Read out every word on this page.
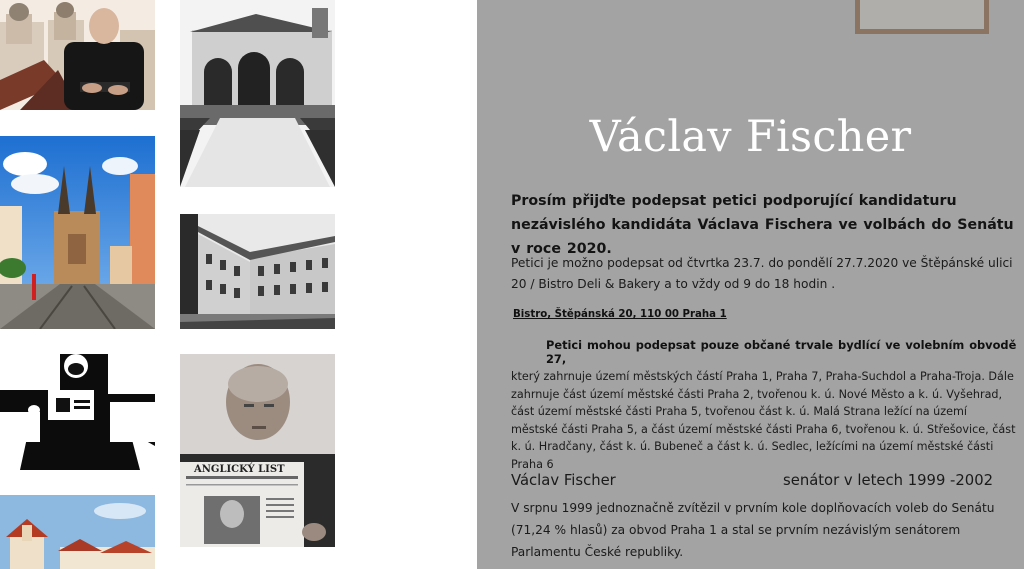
ANGLICKÝ LIST
Václav Fischer

Prosím přijďte podepsat petici podporující kandidaturu nezávislého kandidáta Václava Fischera ve volbách do Senátu v roce 2020.

Petici je možno podepsat od čtvrtka 23.7. do pondělí 27.7.2020 ve Štěpánské ulici 20 / Bistro Deli & Bakery a to vždy od 9 do 18 hodin .

Bistro, Štěpánská 20, 110 00 Praha 1

Petici mohou podepsat pouze občané trvale bydlící ve volebním obvodě 27,

který zahrnuje území městských částí Praha 1, Praha 7, Praha-Suchdol a Praha-Troja. Dále zahrnuje část území městské části Praha 2, tvořenou k. ú. Nové Město a k. ú. Vyšehrad, část území městské části Praha 5, tvořenou část k. ú. Malá Strana ležící na území městské části Praha 5, a část území městské části Praha 6, tvořenou k. ú. Střešovice, část k. ú. Hradčany, část k. ú. Bubeneč a část k. ú. Sedlec, ležícími na území městské části Praha 6

Václav Fischer	senátor v letech 1999 -2002

V srpnu 1999 jednoznačně zvítězil v prvním kole doplňovacích voleb do Senátu (71,24 % hlasů) za obvod Praha 1 a stal se prvním nezávislým senátorem Parlamentu České republiky.
